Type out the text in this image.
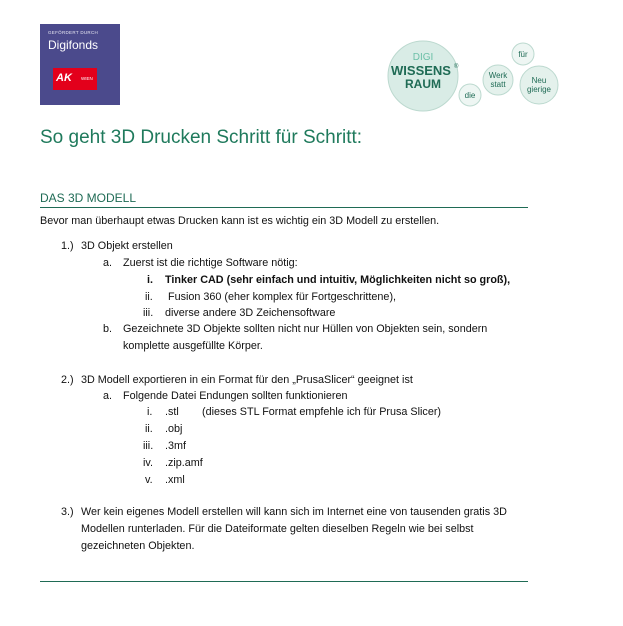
GEFÖRDERT DURCH
Digifonds
AK WIEN
DIGI
WISSENS ®
RAUM
die
Werk
statt
für
Neu
gierige
So geht 3D Drucken Schritt für Schritt:
DAS 3D MODELL
Bevor man überhaupt etwas Drucken kann ist es wichtig ein 3D Modell zu erstellen.
1.) 3D Objekt erstellen
a. Zuerst ist die richtige Software nötig:
i. Tinker CAD (sehr einfach und intuitiv, Möglichkeiten nicht so groß),
ii. Fusion 360 (eher komplex für Fortgeschrittene),
iii. diverse andere 3D Zeichensoftware
b. Gezeichnete 3D Objekte sollten nicht nur Hüllen von Objekten sein, sondern
komplette ausgefüllte Körper.
2.) 3D Modell exportieren in ein Format für den „PrusaSlicer“ geeignet ist
a. Folgende Datei Endungen sollten funktionieren
i. .stl (dieses STL Format empfehle ich für Prusa Slicer)
ii. .obj
iii. .3mf
iv. .zip.amf
v. .xml
3.) Wer kein eigenes Modell erstellen will kann sich im Internet eine von tausenden gratis 3D
Modellen runterladen. Für die Dateiformate gelten dieselben Regeln wie bei selbst
gezeichneten Objekten.
